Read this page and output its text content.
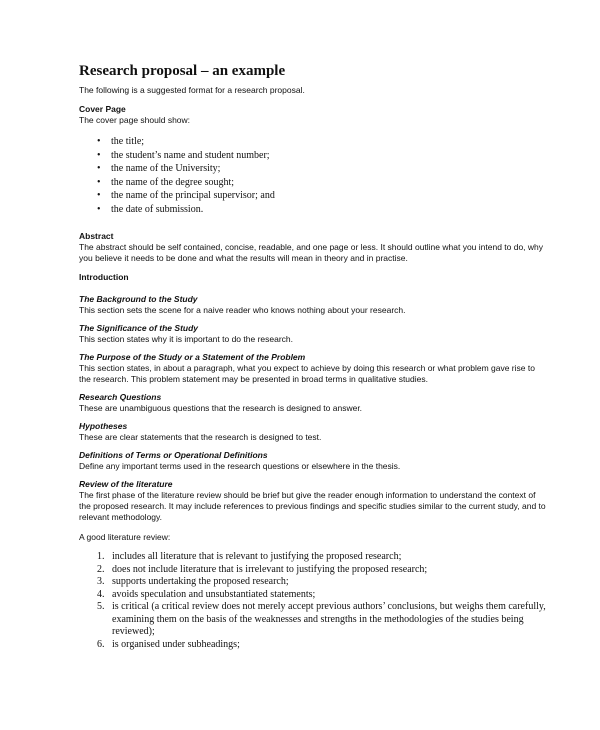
Research proposal – an example

The following is a suggested format for a research proposal.

Cover Page

The cover page should show:

• the title;
• the student’s name and student number;
• the name of the University;
• the name of the degree sought;
• the name of the principal supervisor; and
• the date of submission.
Abstract

The abstract should be self contained, concise, readable, and one page or less. It should outline what you intend to do, why you believe it needs to be done and what the results will mean in theory and in practise.

Introduction
The Background to the Study

This section sets the scene for a naive reader who knows nothing about your research.

The Significance of the Study

This section states why it is important to do the research.

The Purpose of the Study or a Statement of the Problem

This section states, in about a paragraph, what you expect to achieve by doing this research or what problem gave rise to the research. This problem statement may be presented in broad terms in qualitative studies.

Research Questions

These are unambiguous questions that the research is designed to answer.

Hypotheses

These are clear statements that the research is designed to test.

Definitions of Terms or Operational Definitions

Define any important terms used in the research questions or elsewhere in the thesis.

Review of the literature

The first phase of the literature review should be brief but give the reader enough information to understand the context of the proposed research. It may include references to previous findings and specific studies similar to the current study, and to relevant methodology.

A good literature review:

1. includes all literature that is relevant to justifying the proposed research;
2. does not include literature that is irrelevant to justifying the proposed research;
3. supports undertaking the proposed research;
4. avoids speculation and unsubstantiated statements;
5. is critical (a critical review does not merely accept previous authors’ conclusions, but weighs them carefully, examining them on the basis of the weaknesses and strengths in the methodologies of the studies being reviewed);
6. is organised under subheadings;
